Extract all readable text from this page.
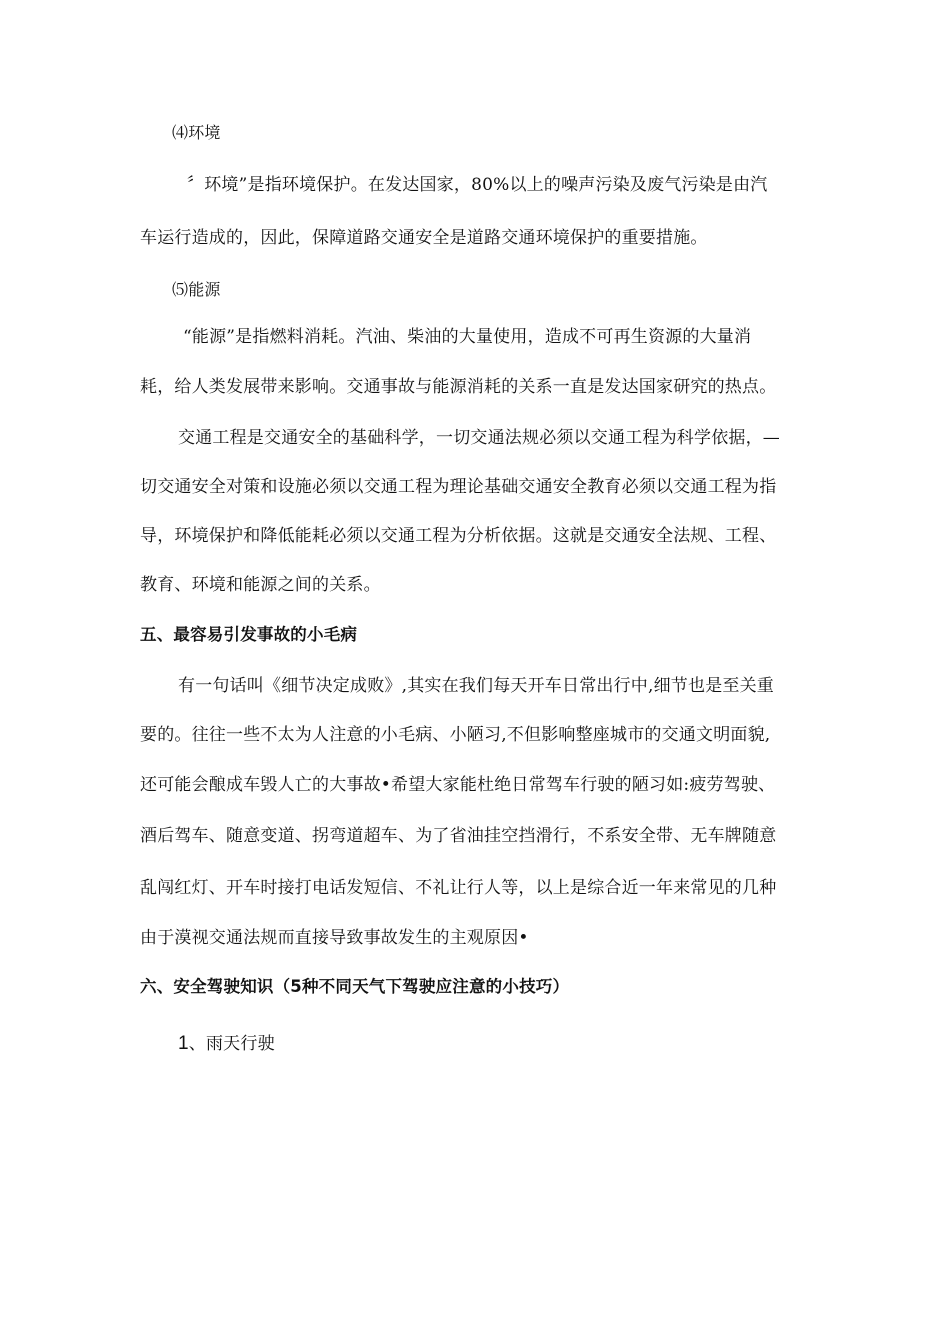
⑷环境

〞环境”是指环境保护。在发达国家，80%以上的噪声污染及废气污染是由汽

车运行造成的，因此，保障道路交通安全是道路交通环境保护的重要措施。

⑸能源

“能源”是指燃料消耗。汽油、柴油的大量使用，造成不可再生资源的大量消

耗，给人类发展带来影响。交通事故与能源消耗的关系一直是发达国家研究的热点。

交通工程是交通安全的基础科学，一切交通法规必须以交通工程为科学依据，—

切交通安全对策和设施必须以交通工程为理论基础交通安全教育必须以交通工程为指

导，环境保护和降低能耗必须以交通工程为分析依据。这就是交通安全法规、工程、

教育、环境和能源之间的关系。

五、最容易引发事故的小毛病

有一句话叫《细节决定成败》,其实在我们每天开车日常出行中,细节也是至关重

要的。往往一些不太为人注意的小毛病、小陋习,不但影响整座城市的交通文明面貌,

还可能会酿成车毁人亡的大事故•希望大家能杜绝日常驾车行驶的陋习如:疲劳驾驶、

酒后驾车、随意变道、拐弯道超车、为了省油挂空挡滑行，不系安全带、无车牌随意

乱闯红灯、开车时接打电话发短信、不礼让行人等，以上是综合近一年来常见的几种

由于漠视交通法规而直接导致事故发生的主观原因•

六、安全驾驶知识（5种不同天气下驾驶应注意的小技巧）

1、雨天行驶
